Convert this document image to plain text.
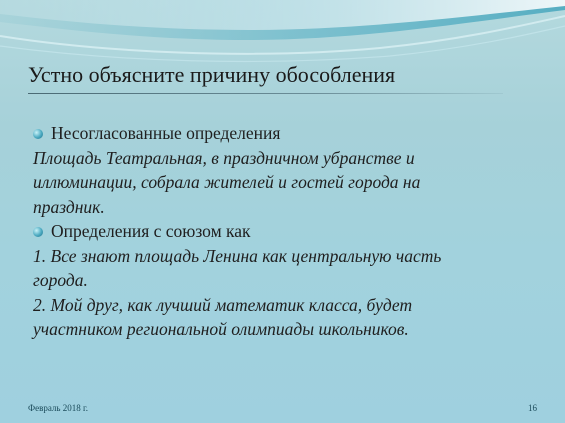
Устно объясните причину обособления
Несогласованные определения
Площадь Театральная, в праздничном убранстве и
иллюминации, собрала жителей и гостей города на
праздник.
Определения с союзом как
1. Все знают площадь Ленина как центральную часть
города.
2. Мой друг, как лучший математик класса, будет
участником региональной олимпиады школьников.
Февраль 2018 г.	16
